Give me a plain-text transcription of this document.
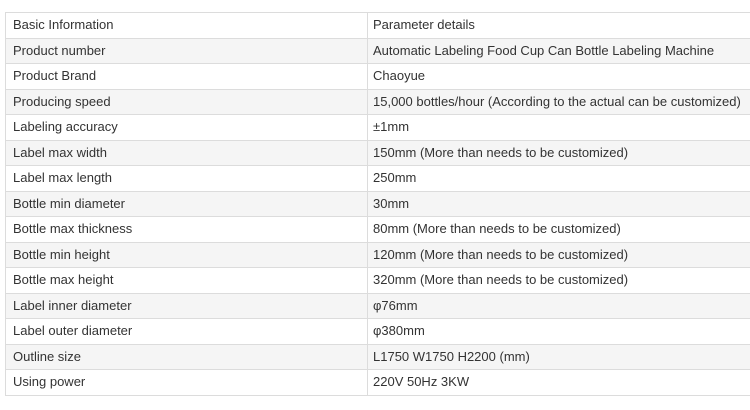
Basic Information	Parameter details
Product number	Automatic Labeling Food Cup Can Bottle Labeling Machine
Product Brand	Chaoyue
Producing speed	15,000 bottles/hour (According to the actual can be customized)
Labeling accuracy	±1mm
Label max width	150mm (More than needs to be customized)
Label max length	250mm
Bottle min diameter	30mm
Bottle max thickness	80mm (More than needs to be customized)
Bottle min height	120mm (More than needs to be customized)
Bottle max height	320mm (More than needs to be customized)
Label inner diameter	φ76mm
Label outer diameter	φ380mm
Outline size	L1750 W1750 H2200 (mm)
Using power	220V 50Hz 3KW
